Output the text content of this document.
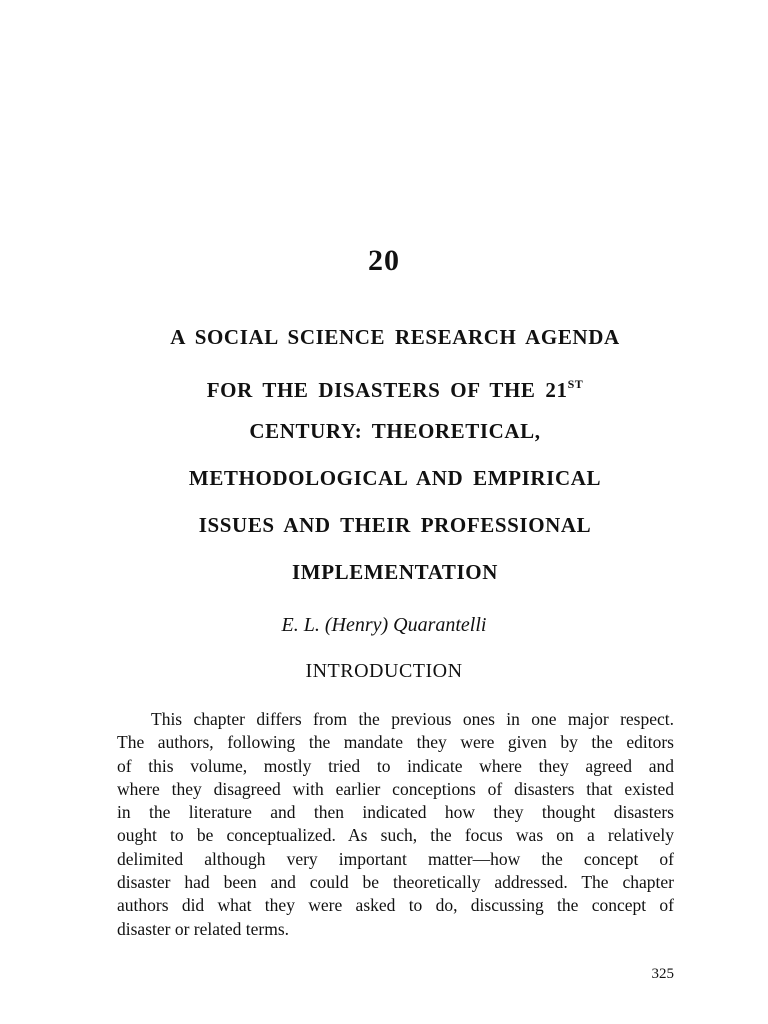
20
A SOCIAL SCIENCE RESEARCH AGENDA
FOR THE DISASTERS OF THE 21ST
CENTURY: THEORETICAL,
METHODOLOGICAL AND EMPIRICAL
ISSUES AND THEIR PROFESSIONAL
IMPLEMENTATION
E. L. (Henry) Quarantelli
INTRODUCTION
This chapter differs from the previous ones in one major respect.
The authors, following the mandate they were given by the editors
of this volume, mostly tried to indicate where they agreed and
where they disagreed with earlier conceptions of disasters that existed
in the literature and then indicated how they thought disasters
ought to be conceptualized. As such, the focus was on a relatively
delimited although very important matter—how the concept of
disaster had been and could be theoretically addressed. The chapter
authors did what they were asked to do, discussing the concept of
disaster or related terms.
325
